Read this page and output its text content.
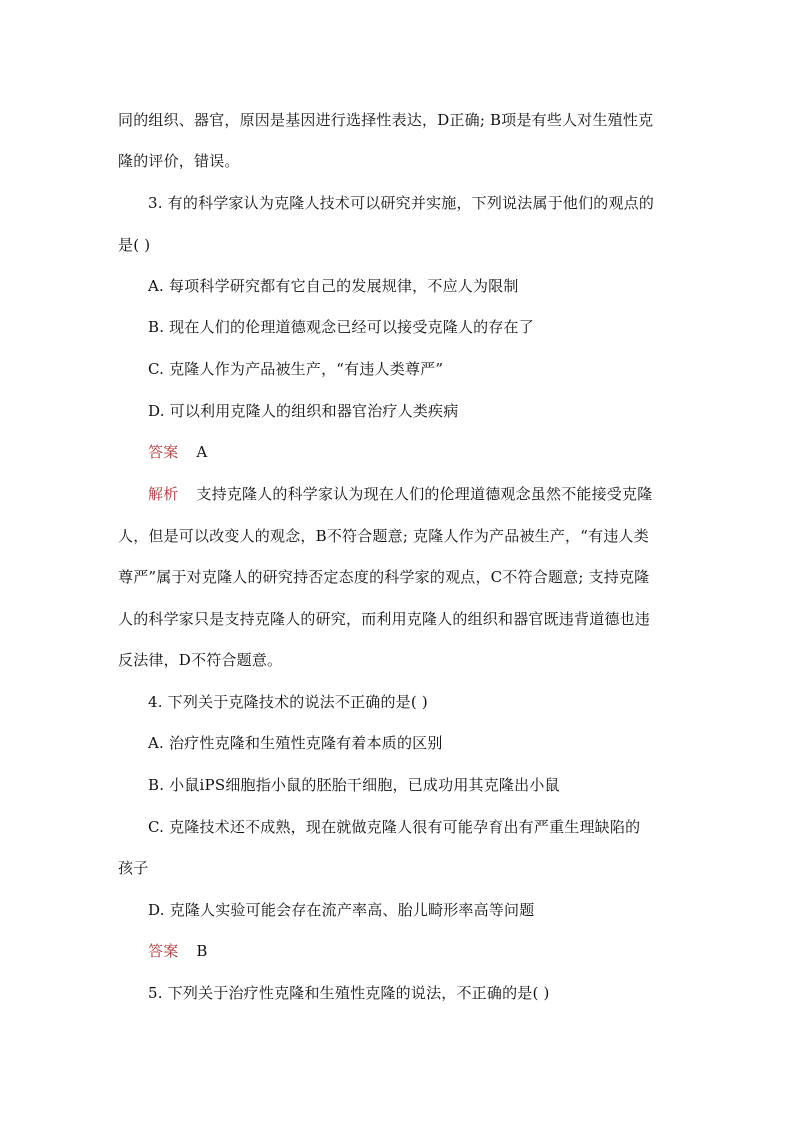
同的组织、器官，原因是基因进行选择性表达，D正确; B项是有些人对生殖性克
隆的评价，错误。
3. 有的科学家认为克隆人技术可以研究并实施，下列说法属于他们的观点的
是( )
A. 每项科学研究都有它自己的发展规律，不应人为限制
B. 现在人们的伦理道德观念已经可以接受克隆人的存在了
C. 克隆人作为产品被生产，“有违人类尊严”
D. 可以利用克隆人的组织和器官治疗人类疾病
答案 A
解析 支持克隆人的科学家认为现在人们的伦理道德观念虽然不能接受克隆
人，但是可以改变人的观念，B不符合题意; 克隆人作为产品被生产，“有违人类
尊严”属于对克隆人的研究持否定态度的科学家的观点，C不符合题意; 支持克隆
人的科学家只是支持克隆人的研究，而利用克隆人的组织和器官既违背道德也违
反法律，D不符合题意。
4. 下列关于克隆技术的说法不正确的是( )
A. 治疗性克隆和生殖性克隆有着本质的区别
B. 小鼠iPS细胞指小鼠的胚胎干细胞，已成功用其克隆出小鼠
C. 克隆技术还不成熟，现在就做克隆人很有可能孕育出有严重生理缺陷的
孩子
D. 克隆人实验可能会存在流产率高、胎儿畸形率高等问题
答案 B
5. 下列关于治疗性克隆和生殖性克隆的说法，不正确的是( )
